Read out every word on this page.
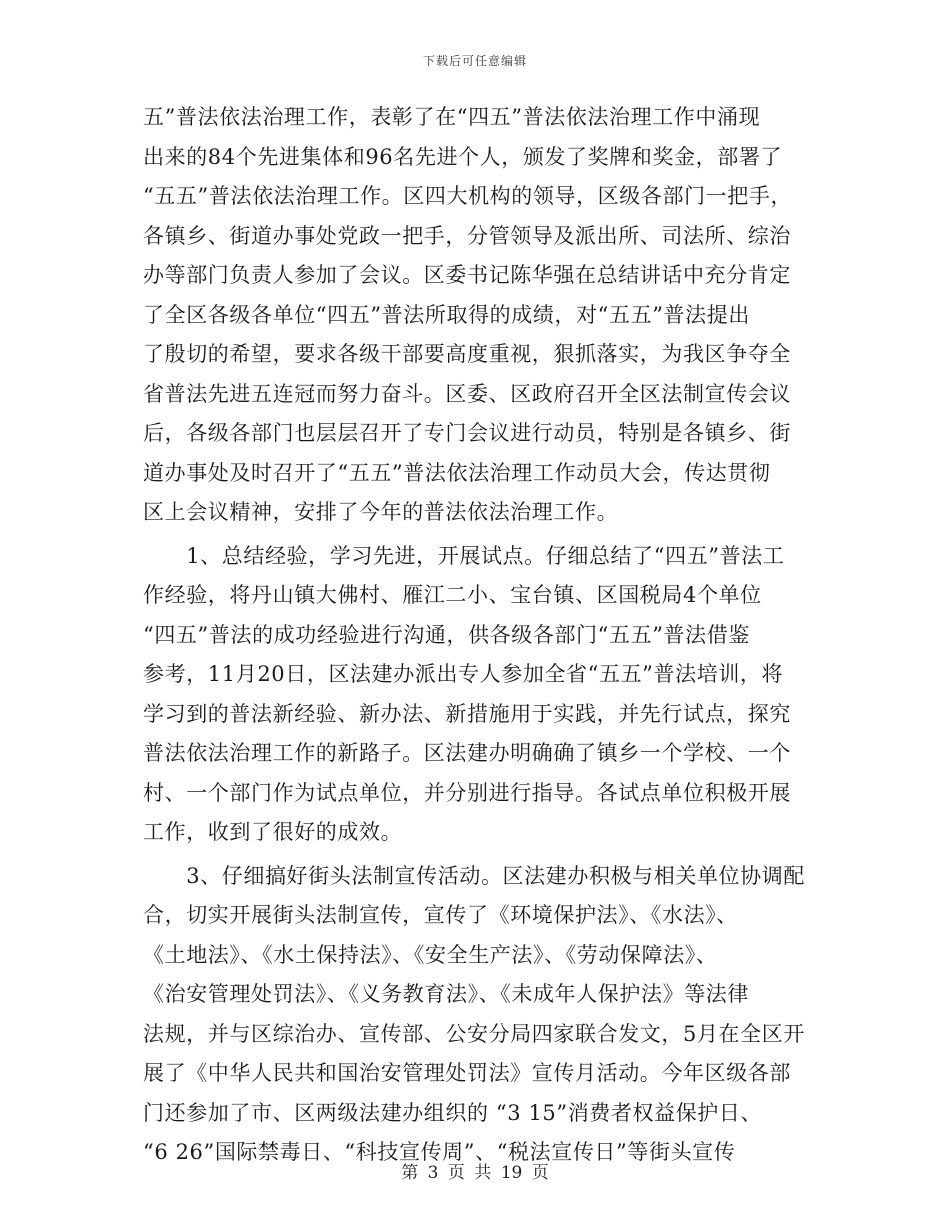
下载后可任意编辑
五”普法依法治理工作，表彰了在“四五”普法依法治理工作中涌现
出来的84个先进集体和96名先进个人，颁发了奖牌和奖金，部署了
“五五”普法依法治理工作。区四大机构的领导，区级各部门一把手，
各镇乡、街道办事处党政一把手，分管领导及派出所、司法所、综治
办等部门负责人参加了会议。区委书记陈华强在总结讲话中充分肯定
了全区各级各单位“四五”普法所取得的成绩，对“五五”普法提出
了殷切的希望，要求各级干部要高度重视，狠抓落实，为我区争夺全
省普法先进五连冠而努力奋斗。区委、区政府召开全区法制宣传会议
后，各级各部门也层层召开了专门会议进行动员，特别是各镇乡、街
道办事处及时召开了“五五”普法依法治理工作动员大会，传达贯彻
区上会议精神，安排了今年的普法依法治理工作。
　　1、总结经验，学习先进，开展试点。仔细总结了“四五”普法工
作经验，将丹山镇大佛村、雁江二小、宝台镇、区国税局4个单位
“四五”普法的成功经验进行沟通，供各级各部门“五五”普法借鉴
参考，11月20日，区法建办派出专人参加全省“五五”普法培训，将
学习到的普法新经验、新办法、新措施用于实践，并先行试点，探究
普法依法治理工作的新路子。区法建办明确确了镇乡一个学校、一个
村、一个部门作为试点单位，并分别进行指导。各试点单位积极开展
工作，收到了很好的成效。
　　3、仔细搞好街头法制宣传活动。区法建办积极与相关单位协调配
合，切实开展街头法制宣传，宣传了《环境保护法》、《水法》、
《土地法》、《水土保持法》、《安全生产法》、《劳动保障法》、
《治安管理处罚法》、《义务教育法》、《未成年人保护法》等法律
法规，并与区综治办、宣传部、公安分局四家联合发文，5月在全区开
展了《中华人民共和国治安管理处罚法》宣传月活动。今年区级各部
门还参加了市、区两级法建办组织的 “3 15”消费者权益保护日、
“6 26”国际禁毒日、“科技宣传周”、“税法宣传日”等街头宣传
第 3 页 共 19 页
